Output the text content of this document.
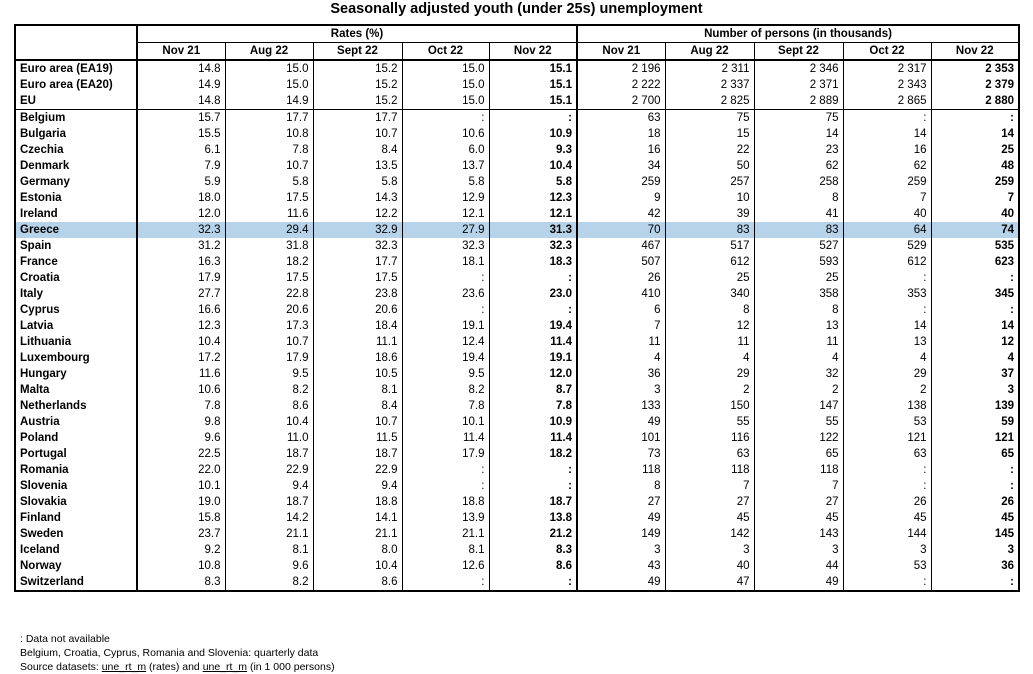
Seasonally adjusted youth (under 25s) unemployment
	Rates (%)					Number of persons (in thousands)				
	Nov 21	Aug 22	Sept 22	Oct 22	Nov 22	Nov 21	Aug 22	Sept 22	Oct 22	Nov 22
Euro area (EA19)	14.8	15.0	15.2	15.0	15.1	2 196	2 311	2 346	2 317	2 353
Euro area (EA20)	14.9	15.0	15.2	15.0	15.1	2 222	2 337	2 371	2 343	2 379
EU	14.8	14.9	15.2	15.0	15.1	2 700	2 825	2 889	2 865	2 880
Belgium	15.7	17.7	17.7	:	:	63	75	75	:	:
Bulgaria	15.5	10.8	10.7	10.6	10.9	18	15	14	14	14
Czechia	6.1	7.8	8.4	6.0	9.3	16	22	23	16	25
Denmark	7.9	10.7	13.5	13.7	10.4	34	50	62	62	48
Germany	5.9	5.8	5.8	5.8	5.8	259	257	258	259	259
Estonia	18.0	17.5	14.3	12.9	12.3	9	10	8	7	7
Ireland	12.0	11.6	12.2	12.1	12.1	42	39	41	40	40
Greece	32.3	29.4	32.9	27.9	31.3	70	83	83	64	74
Spain	31.2	31.8	32.3	32.3	32.3	467	517	527	529	535
France	16.3	18.2	17.7	18.1	18.3	507	612	593	612	623
Croatia	17.9	17.5	17.5	:	:	26	25	25	:	:
Italy	27.7	22.8	23.8	23.6	23.0	410	340	358	353	345
Cyprus	16.6	20.6	20.6	:	:	6	8	8	:	:
Latvia	12.3	17.3	18.4	19.1	19.4	7	12	13	14	14
Lithuania	10.4	10.7	11.1	12.4	11.4	11	11	11	13	12
Luxembourg	17.2	17.9	18.6	19.4	19.1	4	4	4	4	4
Hungary	11.6	9.5	10.5	9.5	12.0	36	29	32	29	37
Malta	10.6	8.2	8.1	8.2	8.7	3	2	2	2	3
Netherlands	7.8	8.6	8.4	7.8	7.8	133	150	147	138	139
Austria	9.8	10.4	10.7	10.1	10.9	49	55	55	53	59
Poland	9.6	11.0	11.5	11.4	11.4	101	116	122	121	121
Portugal	22.5	18.7	18.7	17.9	18.2	73	63	65	63	65
Romania	22.0	22.9	22.9	:	:	118	118	118	:	:
Slovenia	10.1	9.4	9.4	:	:	8	7	7	:	:
Slovakia	19.0	18.7	18.8	18.8	18.7	27	27	27	26	26
Finland	15.8	14.2	14.1	13.9	13.8	49	45	45	45	45
Sweden	23.7	21.1	21.1	21.1	21.2	149	142	143	144	145
Iceland	9.2	8.1	8.0	8.1	8.3	3	3	3	3	3
Norway	10.8	9.6	10.4	12.6	8.6	43	40	44	53	36
Switzerland	8.3	8.2	8.6	:	:	49	47	49	:	:
: Data not available
Belgium, Croatia, Cyprus, Romania and Slovenia: quarterly data
Source datasets: une_rt_m (rates) and une_rt_m (in 1 000 persons)
